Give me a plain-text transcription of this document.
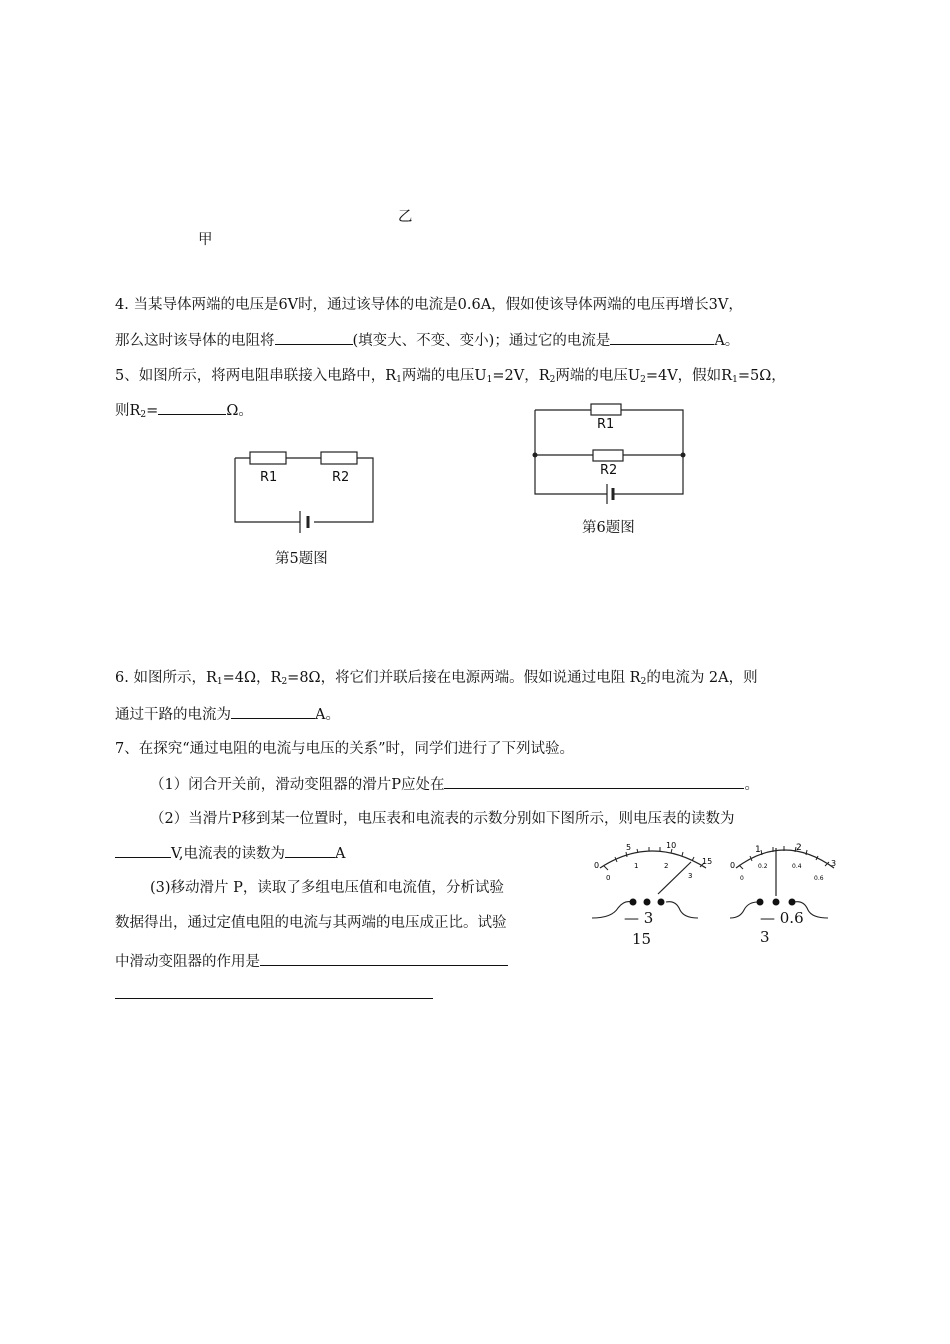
乙
甲
4. 当某导体两端的电压是6V时，通过该导体的电流是0.6A，假如使该导体两端的电压再增长3V，
那么这时该导体的电阻将	(填变大、不变、变小)；通过它的电流是	A。
5、如图所示，将两电阻串联接入电路中，$R_1$两端的电压$U_1=2V$，$R_2$两端的电压$U_2=4V$，假如$R_1=5\Omega$，
则$R_2=$	Ω。
R1	R2
第5题图
R1
R2
第6题图
6. 如图所示，$R_1=4\Omega$，$R_2=8\Omega$，将它们并联后接在电源两端。假如说通过电阻 $R_2$的电流为 2A，则
通过干路的电流为	A。
7、在探究“通过电阻的电流与电压的关系”时，同学们进行了下列试验。
（1）闭合开关前，滑动变阻器的滑片P应处在	。
（2）当滑片P移到某一位置时，电压表和电流表的示数分别如下图所示，则电压表的读数为
V,电流表的读数为	A
(3)移动滑片 P，读取了多组电压值和电流值，分析试验
数据得出，通过定值电阻的电流与其两端的电压成正比。试验
中滑动变阻器的作用是
0
5	10
15
0
1	2
3
— 3
15
0
1	2
3
0
0.2	0.4
0.6
— 0.6
3
